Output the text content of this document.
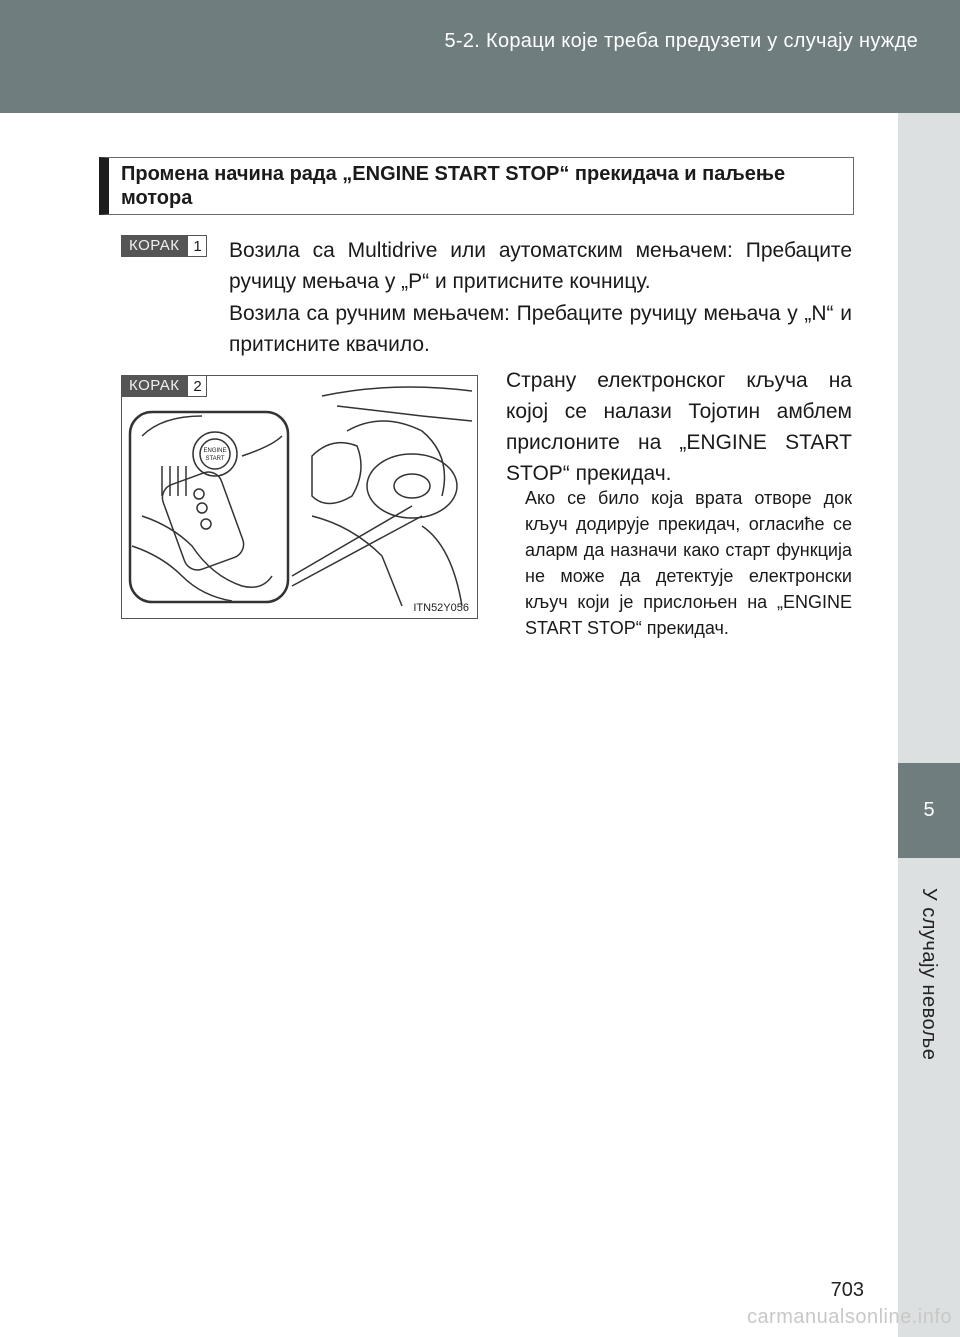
5-2. Кораци које треба предузети у случају нужде
5
У случају невоље
Промена начина рада „ENGINE START STOP“ прекидача и паљење мотора
КОРАК 1 Возила са Multidrive или аутоматским мењачем: Пребаците ручицу мењача у „P“ и притисните кочницу.
Возила са ручним мењачем: Пребаците ручицу мењача у „N“ и притисните квачило.
ENGINE
START
ITN52Y056
КОРАК 2	Страну електронског кључа на којој се налази Тојотин амблем прислоните на „ENGINE START STOP“ прекидач.
Ако се било која врата отворе док кључ додирује прекидач, огласиће се аларм да назначи како старт функција не може да детектује електронски кључ који је прислоњен на „ENGINE START STOP“ прекидач.
703
carmanualsonline.info
